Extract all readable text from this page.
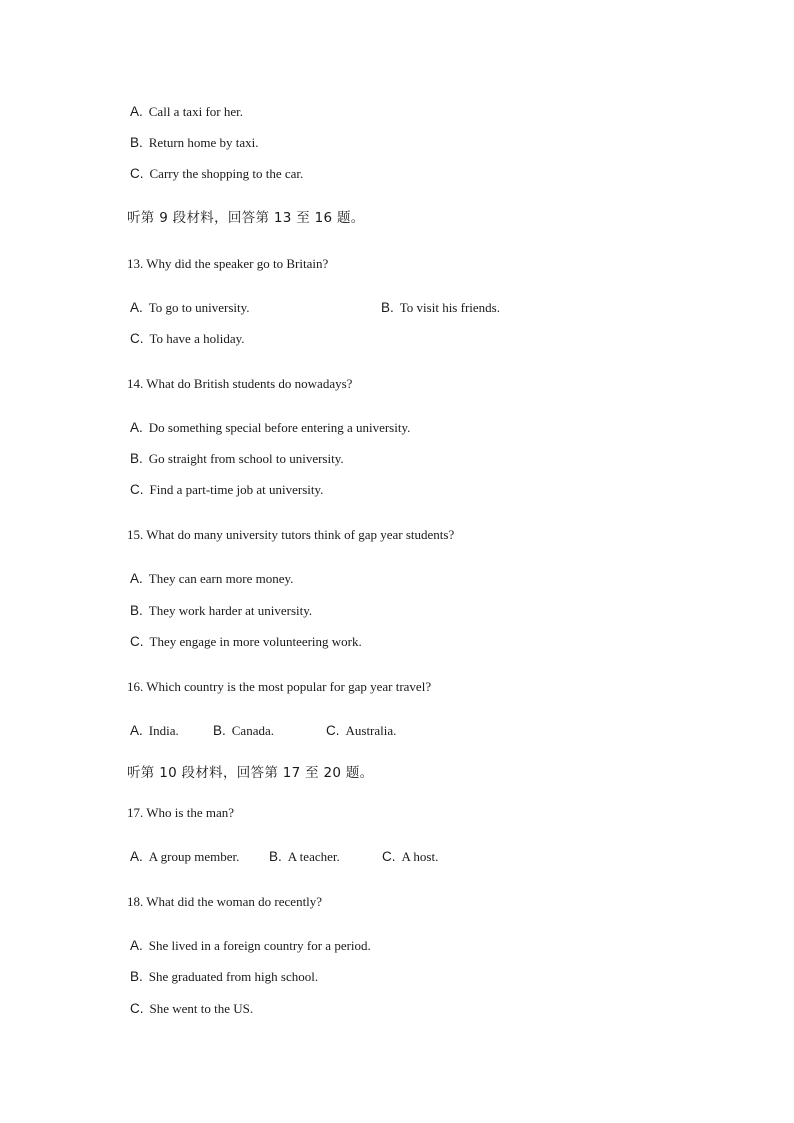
A. Call a taxi for her.
B. Return home by taxi.
C. Carry the shopping to the car.
听第 9 段材料，回答第 13 至 16 题。
13. Why did the speaker go to Britain?
A. To go to university.	B. To visit his friends.
C. To have a holiday.
14. What do British students do nowadays?
A. Do something special before entering a university.
B. Go straight from school to university.
C. Find a part-time job at university.
15. What do many university tutors think of gap year students?
A. They can earn more money.
B. They work harder at university.
C. They engage in more volunteering work.
16. Which country is the most popular for gap year travel?
A. India.	B. Canada.	C. Australia.
听第 10 段材料，回答第 17 至 20 题。
17. Who is the man?
A. A group member. B. A teacher.	C. A host.
18. What did the woman do recently?
A. She lived in a foreign country for a period.
B. She graduated from high school.
C. She went to the US.
